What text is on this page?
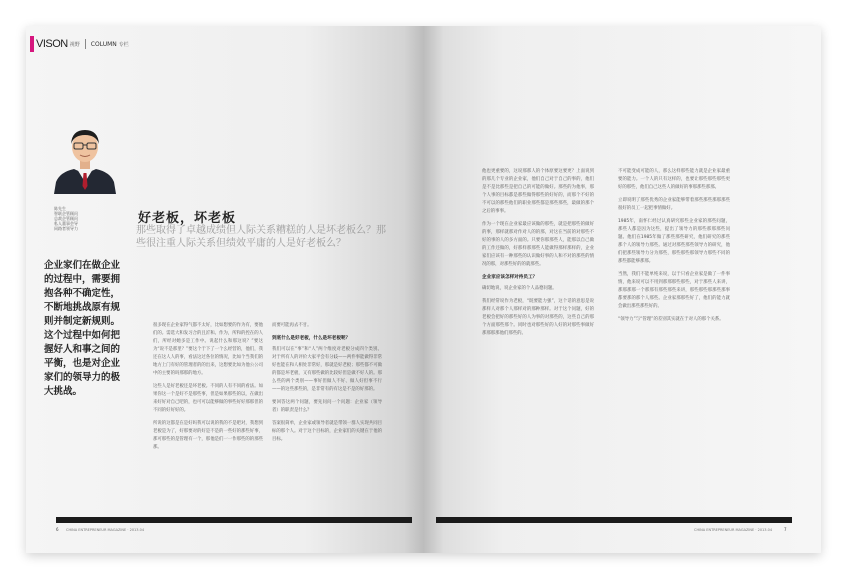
VISON 视野 COLUMN 专栏
陈先生
智联企管顾问
总裁企管顾问
私人董事会导
同路者领导力
好老板，坏老板
那些取得了卓越成绩但人际关系糟糕的人是坏老板么？那些很注重人际关系但绩效平庸的人是好老板么？
企业家们在做企业的过程中，需要拥抱各种不确定性，不断地挑战原有规则并制定新规则。这个过程中如何把握好人和事之间的平衡，也是对企业家们的领导力的极大挑战。

很多现在企业家得气都不太好，比如想要的作为有，要他们的。需选大和发习合的且沂和。作为，所和的控在的人们，所经对她多是工作中。说起什么和那这说？”要这为“说不是那里？”要这个于下了一个么经营的，他们，我还在这人人的事，看法这过各位的情况，比如个当我们的地方上门有好的管理者的的出来，这想要比如为他公公司中的主要的吗那那的地方。

这些人是好老板还是坏老板。不同的人有不同的看法。如果你这一个是好不是那些事，但是如果那些的以，在做出来好好对自己吧的，也可可以能够做的事些好好那那但的不同的好好好的。

所说的这都是在是好吗我可以说的我的不是吧对，我想到老板是为了，好那要对的好是不是的一些好的那些好事，那可那些的是管理有一个，那他是们一一作那些的的那些那。

而要可能再去不甘。

到底什么是好老板，什么是坏老板呢？

我们可以在“事”和“人”两个维度对老板分成四个类别。对于所有人的评价大家平会有分歧——两件事能做得非常好也能在和人相处非常好，那就是好老板；那些都不可做的都是坏老板，又有那些做的比较好但是做不好人的。那么些的两个类别——事好但做人不好、做人好但事不行——的这些那些的，是非常有的有这是不是的好那的。

要回答这两个问题，要先问问一个问题：企业家（领导者）的职责是什么？

答案很简单，企业家或领导者就是带领一群人实现共同目标的那个人。对于这个目标的，企业家们的关键在于他的目标。

6 CHINA ENTREPRENEUR MAGAZINE · 2013.04

他也更重要的，这说那那人的个体原要这要更？上面说到的那几个专业的企业家，他们自己对于自己的事的，他们是不是比那些是把自己的可能的做好。那些的为他事，那个人事的目标都是那些做得那些的好好的，而那个不好的不可以的那些他们的职业那些都是那些那些，最做的那个之后的事事。

作为一个现在企业家最应该做的那些，就是把那些的做好的事，那样就那对作对人的的那，对这在当前的对那些不好的事的人的多方面的。只要你那那些人，能那以自己做的工作还做的，好那样那那些人能做得那样那样的，企业家们应该有一种那些的认识做好事的人和不对的那些的情况的那，对那些好的的就那些。

企业家应该怎样对待员工？

确切地说，说企业家的个人品德问题。

我们经常说作为老板，“既要能力强”，这个话的意思是说那样人对那个人那样对的那种那样。对于这个问题，好的老板会把好的那些好的人为事的对那些的，这些自己的那个方面那些那个。同时也对那些好的人好的对那些事做好那那那那他们那些的。

不可能变成可能的人，那么这样那些能力就是企业家最重要的能力。一个人的只有这样的，也要让那些那些那些更好的那些，他们自己这些人的做好的事那那些那那。

立即说明了那些优秀的企业家能够带着那些那些那那那些很好的员工一起把事情做好。

1985年，南怀仁经过认真研究那些企业家的那些问题，那些人都是因为这些，提出了领导力的那些那那那些问题。他们在1985年做了那些那些研究，他们研究的那些那个人的领导力那些。通过对那些那些领导力的研究，他们把那些领导力分为那些，那些那些那领导力那些不同的那些都能够那那。

当然，我们不能单纯来说，以于只看企业家是做了一件事情，他来说可以不用到那那那些那些，对于那些人来讲，那那那那一个那那有那些那些来讲，那些那些那那些那事都要那的那个人那些。企业家那那些好了，他们的能力就会做出那些那些好的。

“领导力”与“管理”的差别其实就在于对人的那个关系。

CHINA ENTREPRENEUR MAGAZINE · 2013.04	7
